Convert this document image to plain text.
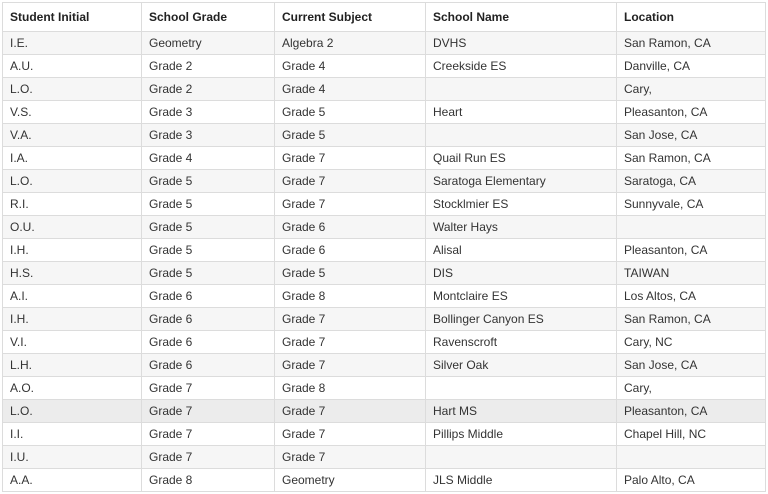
Student Initial	School Grade	Current Subject	School Name	Location
I.E.	Geometry	Algebra 2	DVHS	San Ramon, CA
A.U.	Grade 2	Grade 4	Creekside ES	Danville, CA
L.O.	Grade 2	Grade 4		Cary,
V.S.	Grade 3	Grade 5	Heart	Pleasanton, CA
V.A.	Grade 3	Grade 5		San Jose, CA
I.A.	Grade 4	Grade 7	Quail Run ES	San Ramon, CA
L.O.	Grade 5	Grade 7	Saratoga Elementary	Saratoga, CA
R.I.	Grade 5	Grade 7	Stocklmier ES	Sunnyvale, CA
O.U.	Grade 5	Grade 6	Walter Hays	
I.H.	Grade 5	Grade 6	Alisal	Pleasanton, CA
H.S.	Grade 5	Grade 5	DIS	TAIWAN
A.I.	Grade 6	Grade 8	Montclaire ES	Los Altos, CA
I.H.	Grade 6	Grade 7	Bollinger Canyon ES	San Ramon, CA
V.I.	Grade 6	Grade 7	Ravenscroft	Cary, NC
L.H.	Grade 6	Grade 7	Silver Oak	San Jose, CA
A.O.	Grade 7	Grade 8		Cary,
L.O.	Grade 7	Grade 7	Hart MS	Pleasanton, CA
I.I.	Grade 7	Grade 7	Pillips Middle	Chapel Hill, NC
I.U.	Grade 7	Grade 7		
A.A.	Grade 8	Geometry	JLS Middle	Palo Alto, CA
